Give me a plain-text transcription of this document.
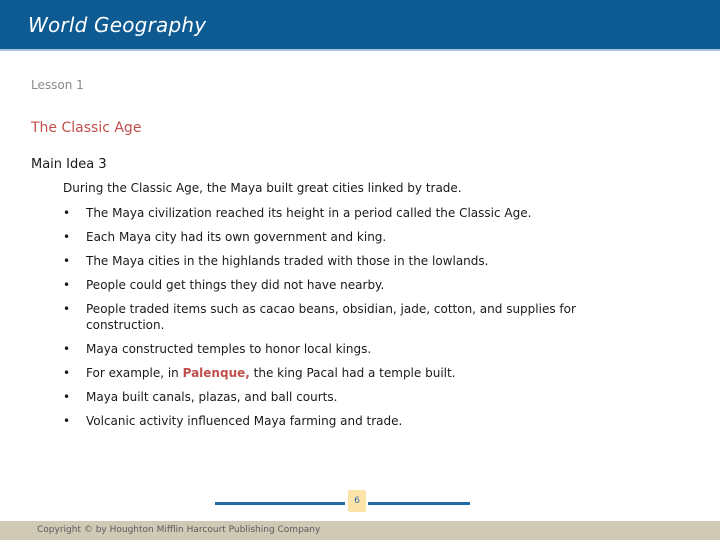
World Geography
Lesson 1
The Classic Age
Main Idea 3
During the Classic Age, the Maya built great cities linked by trade.
• The Maya civilization reached its height in a period called the Classic Age.
• Each Maya city had its own government and king.
• The Maya cities in the highlands traded with those in the lowlands.
• People could get things they did not have nearby.
• People traded items such as cacao beans, obsidian, jade, cotton, and supplies for construction.
• Maya constructed temples to honor local kings.
• For example, in Palenque, the king Pacal had a temple built.
• Maya built canals, plazas, and ball courts.
• Volcanic activity influenced Maya farming and trade.
6
Copyright © by Houghton Mifflin Harcourt Publishing Company
